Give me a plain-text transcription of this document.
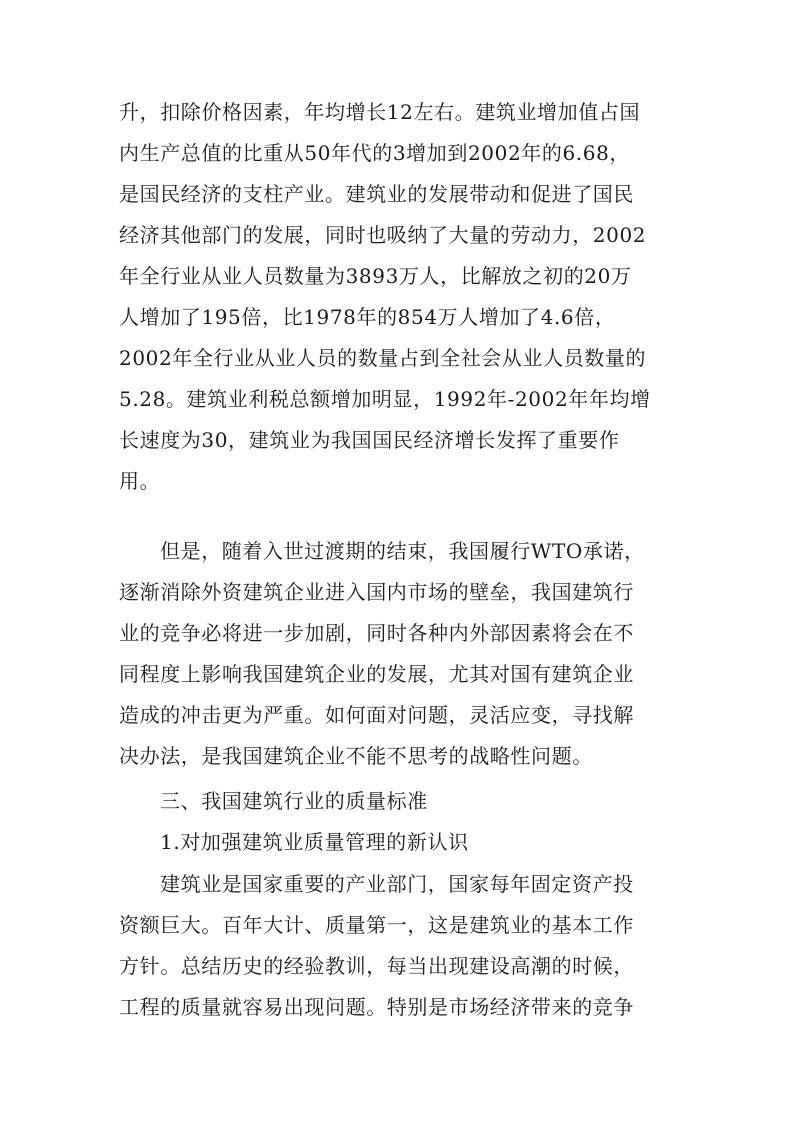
升，扣除价格因素，年均增长12左右。建筑业增加值占国
内生产总值的比重从50年代的3增加到2002年的6.68，
是国民经济的支柱产业。建筑业的发展带动和促进了国民
经济其他部门的发展，同时也吸纳了大量的劳动力，2002
年全行业从业人员数量为3893万人，比解放之初的20万
人增加了195倍，比1978年的854万人增加了4.6倍，
2002年全行业从业人员的数量占到全社会从业人员数量的
5.28。建筑业利税总额增加明显，1992年-2002年年均增
长速度为30，建筑业为我国国民经济增长发挥了重要作
用。
但是，随着入世过渡期的结束，我国履行WTO承诺，
逐渐消除外资建筑企业进入国内市场的壁垒，我国建筑行
业的竞争必将进一步加剧，同时各种内外部因素将会在不
同程度上影响我国建筑企业的发展，尤其对国有建筑企业
造成的冲击更为严重。如何面对问题，灵活应变，寻找解
决办法，是我国建筑企业不能不思考的战略性问题。
三、我国建筑行业的质量标准
1.对加强建筑业质量管理的新认识
建筑业是国家重要的产业部门，国家每年固定资产投
资额巨大。百年大计、质量第一，这是建筑业的基本工作
方针。总结历史的经验教训，每当出现建设高潮的时候，
工程的质量就容易出现问题。特别是市场经济带来的竞争
